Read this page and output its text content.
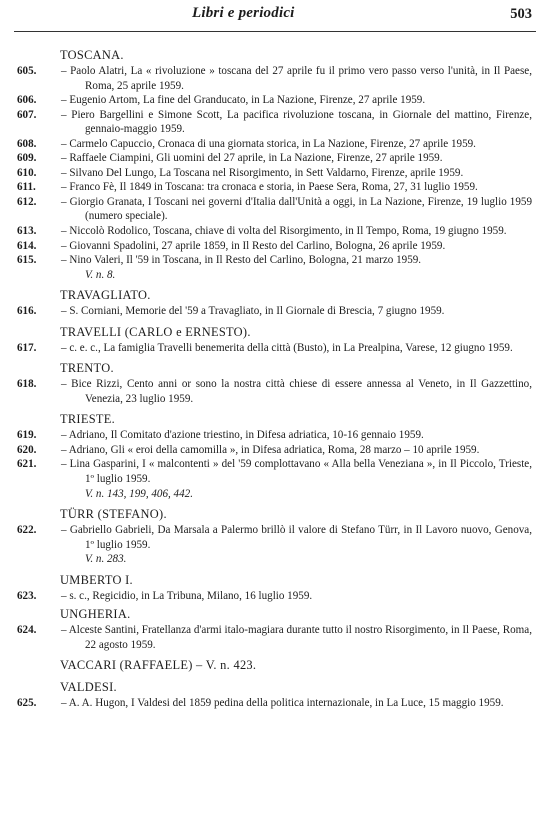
Libri e periodici	503
TOSCANA.
605.	– Paolo Alatri, La « rivoluzione » toscana del 27 aprile fu il primo vero passo verso l'unità, in Il Paese, Roma, 25 aprile 1959.
606.	– Eugenio Artom, La fine del Granducato, in La Nazione, Firenze, 27 aprile 1959.
607.	– Piero Bargellini e Simone Scott, La pacifica rivoluzione toscana, in Giornale del mattino, Firenze, gennaio-maggio 1959.
608.	– Carmelo Capuccio, Cronaca di una giornata storica, in La Nazione, Firenze, 27 aprile 1959.
609.	– Raffaele Ciampini, Gli uomini del 27 aprile, in La Nazione, Firenze, 27 aprile 1959.
610.	– Silvano Del Lungo, La Toscana nel Risorgimento, in Sett Valdarno, Firenze, aprile 1959.
611.	– Franco Fè, Il 1849 in Toscana: tra cronaca e storia, in Paese Sera, Roma, 27, 31 luglio 1959.
612.	– Giorgio Granata, I Toscani nei governi d'Italia dall'Unità a oggi, in La Nazione, Firenze, 19 luglio 1959 (numero speciale).
613.	– Niccolò Rodolico, Toscana, chiave di volta del Risorgimento, in Il Tempo, Roma, 19 giugno 1959.
614.	– Giovanni Spadolini, 27 aprile 1859, in Il Resto del Carlino, Bologna, 26 aprile 1959.
615.	– Nino Valeri, Il '59 in Toscana, in Il Resto del Carlino, Bologna, 21 marzo 1959.
V. n. 8.
TRAVAGLIATO.
616.	– S. Corniani, Memorie del '59 a Travagliato, in Il Giornale di Brescia, 7 giugno 1959.
TRAVELLI (CARLO e ERNESTO).
617.	– c. e. c., La famiglia Travelli benemerita della città (Busto), in La Prealpina, Varese, 12 giugno 1959.
TRENTO.
618.	– Bice Rizzi, Cento anni or sono la nostra città chiese di essere annessa al Veneto, in Il Gazzettino, Venezia, 23 luglio 1959.
TRIESTE.
619.	– Adriano, Il Comitato d'azione triestino, in Difesa adriatica, 10-16 gennaio 1959.
620.	– Adriano, Gli « eroi della camomilla », in Difesa adriatica, Roma, 28 marzo – 10 aprile 1959.
621.	– Lina Gasparini, I « malcontenti » del '59 complottavano « Alla bella Veneziana », in Il Piccolo, Trieste, 1º luglio 1959.
V. n. 143, 199, 406, 442.
TÜRR (STEFANO).
622.	– Gabriello Gabrieli, Da Marsala a Palermo brillò il valore di Stefano Türr, in Il Lavoro nuovo, Genova, 1º luglio 1959.
V. n. 283.
UMBERTO I.
623.	– s. c., Regicidio, in La Tribuna, Milano, 16 luglio 1959.
UNGHERIA.
624.	– Alceste Santini, Fratellanza d'armi italo-magiara durante tutto il nostro Risorgimento, in Il Paese, Roma, 22 agosto 1959.
VACCARI (RAFFAELE) – V. n. 423.
VALDESI.
625.	– A. A. Hugon, I Valdesi del 1859 pedina della politica internazionale, in La Luce, 15 maggio 1959.
